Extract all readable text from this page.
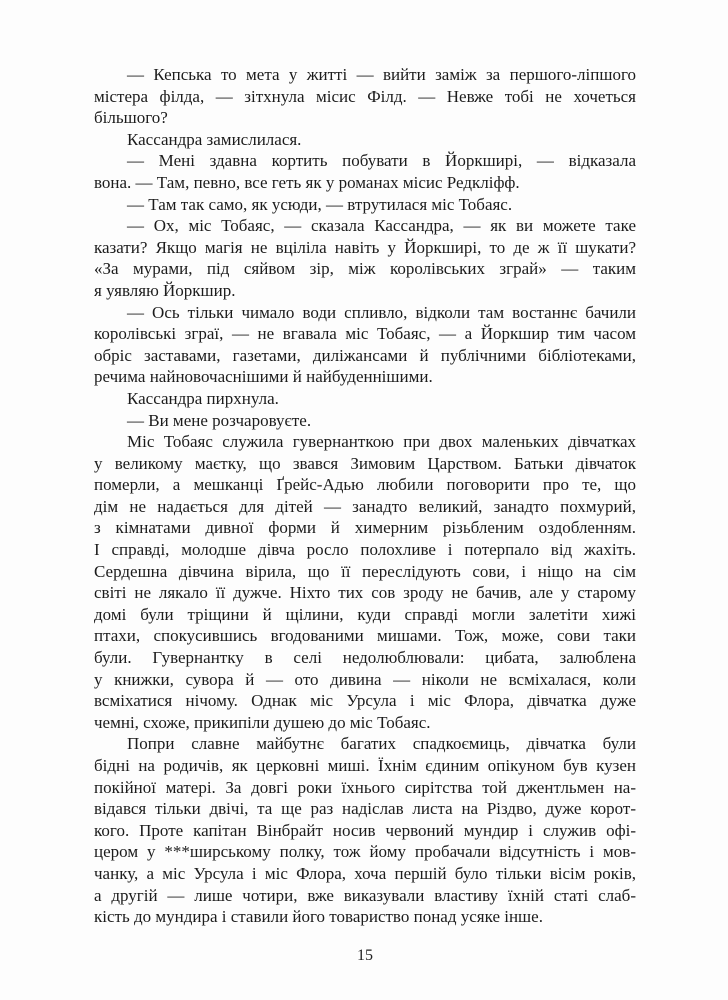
— Кепська то мета у житті — вийти заміж за першого-ліпшого
містера філда, — зітхнула місис Філд. — Невже тобі не хочеться
більшого?
Кассандра замислилася.
— Мені здавна кортить побувати в Йоркширі, — відказала
вона. — Там, певно, все геть як у романах місис Редкліфф.
— Там так само, як усюди, — втрутилася міс Тобаяс.
— Ох, міс Тобаяс, — сказала Кассандра, — як ви можете таке
казати? Якщо магія не вціліла навіть у Йоркширі, то де ж її шукати?
«За мурами, під сяйвом зір, між королівських зграй» — таким
я уявляю Йоркшир.
— Ось тільки чимало води спливло, відколи там востаннє бачили
королівські зграї, — не вгавала міс Тобаяс, — а Йоркшир тим часом
обріс заставами, газетами, диліжансами й публічними бібліотеками,
речима найновочаснішими й найбуденнішими.
Кассандра пирхнула.
— Ви мене розчаровуєте.
Міс Тобаяс служила гувернанткою при двох маленьких дівчатках
у великому маєтку, що звався Зимовим Царством. Батьки дівчаток
померли, а мешканці Ґрейс-Адью любили поговорити про те, що
дім не надається для дітей — занадто великий, занадто похмурий,
з кімнатами дивної форми й химерним різьбленим оздобленням.
І справді, молодше дівча росло полохливе і потерпало від жахіть.
Сердешна дівчина вірила, що її переслідують сови, і ніщо на сім
світі не лякало її дужче. Ніхто тих сов зроду не бачив, але у старому
домі були тріщини й щілини, куди справді могли залетіти хижі
птахи, спокусившись вгодованими мишами. Тож, може, сови таки
були. Гувернантку в селі недолюблювали: цибата, залюблена
у книжки, сувора й — ото дивина — ніколи не всміхалася, коли
всміхатися нічому. Однак міс Урсула і міс Флора, дівчатка дуже
чемні, схоже, прикипіли душею до міс Тобаяс.
Попри славне майбутнє багатих спадкоємиць, дівчатка були
бідні на родичів, як церковні миші. Їхнім єдиним опікуном був кузен
покійної матері. За довгі роки їхнього сирітства той джентльмен на-
відався тільки двічі, та ще раз надіслав листа на Різдво, дуже корот-
кого. Проте капітан Вінбрайт носив червоний мундир і служив офі-
цером у ***ширському полку, тож йому пробачали відсутність і мов-
чанку, а міс Урсула і міс Флора, хоча першій було тільки вісім років,
а другій — лише чотири, вже виказували властиву їхній статі слаб-
кість до мундира і ставили його товариство понад усяке інше.
15
